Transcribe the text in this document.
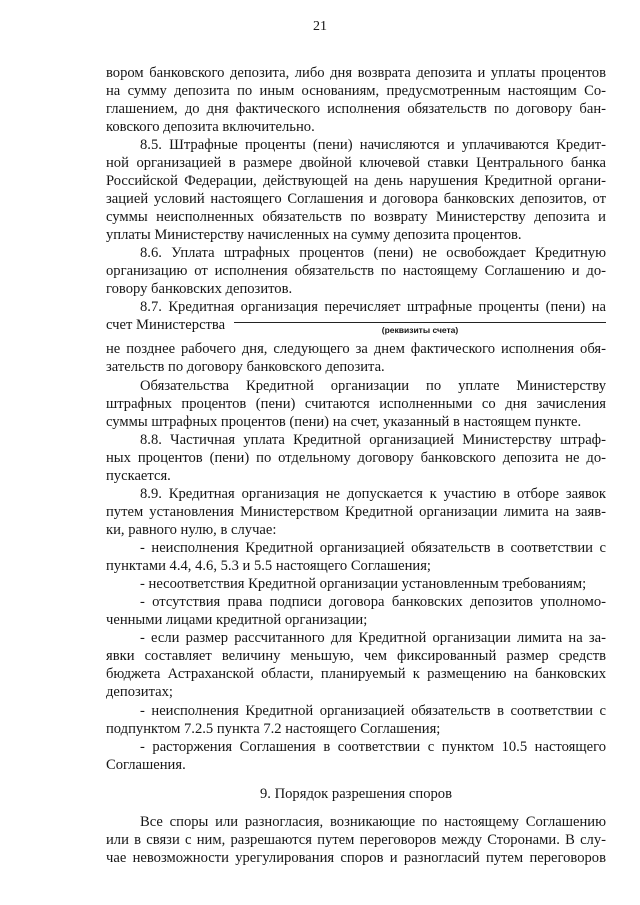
21
вором банковского депозита, либо дня возврата депозита и уплаты процентов
на сумму депозита по иным основаниям, предусмотренным настоящим Со-
глашением, до дня фактического исполнения обязательств по договору бан-
ковского депозита включительно.
8.5. Штрафные проценты (пени) начисляются и уплачиваются Кредит-
ной организацией в размере двойной ключевой ставки Центрального банка
Российской Федерации, действующей на день нарушения Кредитной органи-
зацией условий настоящего Соглашения и договора банковских депозитов, от
суммы неисполненных обязательств по возврату Министерству депозита и
уплаты Министерству начисленных на сумму депозита процентов.
8.6. Уплата штрафных процентов (пени) не освобождает Кредитную
организацию от исполнения обязательств по настоящему Соглашению и до-
говору банковских депозитов.
8.7. Кредитная организация перечисляет штрафные проценты (пени) на
счет Министерства	(реквизиты счета)
не позднее рабочего дня, следующего за днем фактического исполнения обя-
зательств по договору банковского депозита.
Обязательства Кредитной организации по уплате Министерству
штрафных процентов (пени) считаются исполненными со дня зачисления
суммы штрафных процентов (пени) на счет, указанный в настоящем пункте.
8.8. Частичная уплата Кредитной организацией Министерству штраф-
ных процентов (пени) по отдельному договору банковского депозита не до-
пускается.
8.9. Кредитная организация не допускается к участию в отборе заявок
путем установления Министерством Кредитной организации лимита на заяв-
ки, равного нулю, в случае:
- неисполнения Кредитной организацией обязательств в соответствии с
пунктами 4.4, 4.6, 5.3 и 5.5 настоящего Соглашения;
- несоответствия Кредитной организации установленным требованиям;
- отсутствия права подписи договора банковских депозитов уполномо-
ченными лицами кредитной организации;
- если размер рассчитанного для Кредитной организации лимита на за-
явки составляет величину меньшую, чем фиксированный размер средств
бюджета Астраханской области, планируемый к размещению на банковских
депозитах;
- неисполнения Кредитной организацией обязательств в соответствии с
подпунктом 7.2.5 пункта 7.2 настоящего Соглашения;
- расторжения Соглашения в соответствии с пунктом 10.5 настоящего
Соглашения.
9. Порядок разрешения споров
Все споры или разногласия, возникающие по настоящему Соглашению
или в связи с ним, разрешаются путем переговоров между Сторонами. В слу-
чае невозможности урегулирования споров и разногласий путем переговоров
